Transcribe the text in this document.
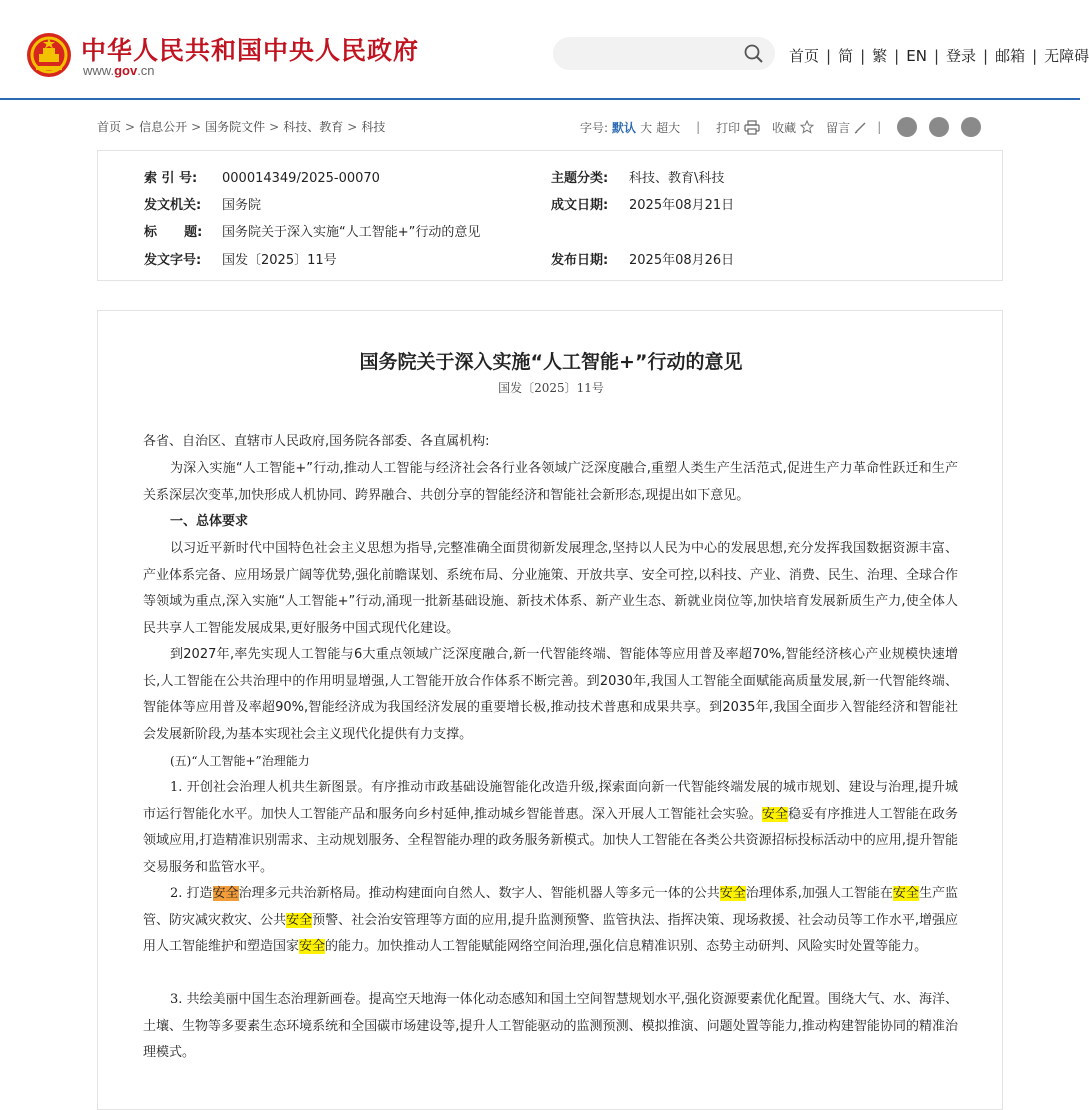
中华人民共和国中央人民政府
www.gov.cn
首页 | 简 | 繁 | EN | 登录 | 邮箱 | 无障碍
首页 > 信息公开 > 国务院文件 > 科技、教育 > 科技	字号: 默认 大 超大 | 打印	收藏	留言 |
索 引 号: 000014349/2025-00070	主题分类: 科技、教育\科技
发文机关: 国务院	成文日期: 2025年08月21日
标      题: 国务院关于深入实施“人工智能+”行动的意见
发文字号: 国发〔2025〕11号	发布日期: 2025年08月26日
国务院关于深入实施“人工智能+”行动的意见
国发〔2025〕11号

各省、自治区、直辖市人民政府,国务院各部委、各直属机构:

为深入实施“人工智能+”行动,推动人工智能与经济社会各行业各领域广泛深度融合,重塑人类生产生活范式,促进生产力革命性跃迁和生产关系深层次变革,加快形成人机协同、跨界融合、共创分享的智能经济和智能社会新形态,现提出如下意见。

一、总体要求

以习近平新时代中国特色社会主义思想为指导,完整准确全面贯彻新发展理念,坚持以人民为中心的发展思想,充分发挥我国数据资源丰富、产业体系完备、应用场景广阔等优势,强化前瞻谋划、系统布局、分业施策、开放共享、安全可控,以科技、产业、消费、民生、治理、全球合作等领域为重点,深入实施“人工智能+”行动,涌现一批新基础设施、新技术体系、新产业生态、新就业岗位等,加快培育发展新质生产力,使全体人民共享人工智能发展成果,更好服务中国式现代化建设。

到2027年,率先实现人工智能与6大重点领域广泛深度融合,新一代智能终端、智能体等应用普及率超70%,智能经济核心产业规模快速增长,人工智能在公共治理中的作用明显增强,人工智能开放合作体系不断完善。到2030年,我国人工智能全面赋能高质量发展,新一代智能终端、智能体等应用普及率超90%,智能经济成为我国经济发展的重要增长极,推动技术普惠和成果共享。到2035年,我国全面步入智能经济和智能社会发展新阶段,为基本实现社会主义现代化提供有力支撑。

(五)“人工智能+”治理能力

1. 开创社会治理人机共生新图景。有序推动市政基础设施智能化改造升级,探索面向新一代智能终端发展的城市规划、建设与治理,提升城市运行智能化水平。加快人工智能产品和服务向乡村延伸,推动城乡智能普惠。深入开展人工智能社会实验。安全稳妥有序推进人工智能在政务领域应用,打造精准识别需求、主动规划服务、全程智能办理的政务服务新模式。加快人工智能在各类公共资源招标投标活动中的应用,提升智能交易服务和监管水平。

2. 打造安全治理多元共治新格局。推动构建面向自然人、数字人、智能机器人等多元一体的公共安全治理体系,加强人工智能在安全生产监管、防灾减灾救灾、公共安全预警、社会治安管理等方面的应用,提升监测预警、监管执法、指挥决策、现场救援、社会动员等工作水平,增强应用人工智能维护和塑造国家安全的能力。加快推动人工智能赋能网络空间治理,强化信息精准识别、态势主动研判、风险实时处置等能力。

3. 共绘美丽中国生态治理新画卷。提高空天地海一体化动态感知和国土空间智慧规划水平,强化资源要素优化配置。围绕大气、水、海洋、土壤、生物等多要素生态环境系统和全国碳市场建设等,提升人工智能驱动的监测预测、模拟推演、问题处置等能力,推动构建智能协同的精准治理模式。
